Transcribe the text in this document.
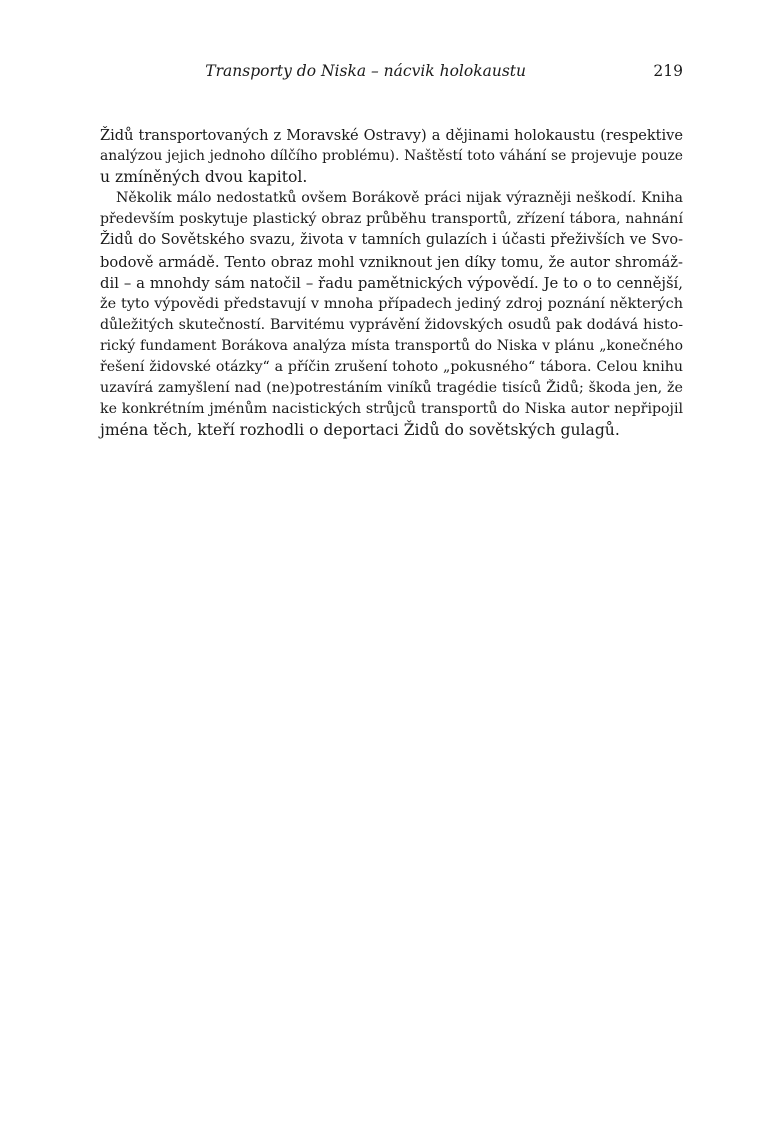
Transporty do Niska – nácvik holokaustu	219
Židů transportovaných z Moravské Ostravy) a dějinami holokaustu (respektive
analýzou jejich jednoho dílčího problému). Naštěstí toto váhání se projevuje pouze
u zmíněných dvou kapitol.
Několik málo nedostatků ovšem Borákově práci nijak výrazněji neškodí. Kniha
především poskytuje plastický obraz průběhu transportů, zřízení tábora, nahnání
Židů do Sovětského svazu, života v tamních gulazích i účasti přeživších ve Svo-
bodově armádě. Tento obraz mohl vzniknout jen díky tomu, že autor shromáž-
dil – a mnohdy sám natočil – řadu pamětnických výpovědí. Je to o to cennější,
že tyto výpovědi představují v mnoha případech jediný zdroj poznání některých
důležitých skutečností. Barvitému vyprávění židovských osudů pak dodává histo-
rický fundament Borákova analýza místa transportů do Niska v plánu „konečného
řešení židovské otázky“ a příčin zrušení tohoto „pokusného“ tábora. Celou knihu
uzavírá zamyšlení nad (ne)potrestáním viníků tragédie tisíců Židů; škoda jen, že
ke konkrétním jménům nacistických strůjců transportů do Niska autor nepřipojil
jména těch, kteří rozhodli o deportaci Židů do sovětských gulagů.
